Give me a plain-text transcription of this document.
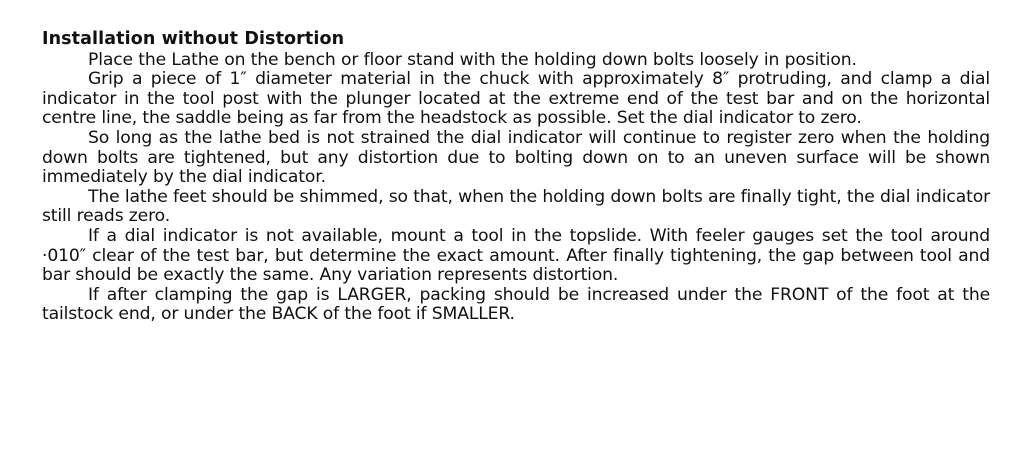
Installation without Distortion

Place the Lathe on the bench or floor stand with the holding down bolts loosely in position.

Grip a piece of 1″ diameter material in the chuck with approximately 8″ protruding, and clamp a dial indicator in the tool post with the plunger located at the extreme end of the test bar and on the horizontal centre line, the saddle being as far from the headstock as possible. Set the dial indicator to zero.

So long as the lathe bed is not strained the dial indicator will continue to register zero when the holding down bolts are tightened, but any distortion due to bolting down on to an uneven surface will be shown immediately by the dial indicator.

The lathe feet should be shimmed, so that, when the holding down bolts are finally tight, the dial indicator still reads zero.

If a dial indicator is not available, mount a tool in the topslide. With feeler gauges set the tool around ·010″ clear of the test bar, but determine the exact amount. After finally tightening, the gap between tool and bar should be exactly the same. Any variation represents distortion.

If after clamping the gap is LARGER, packing should be increased under the FRONT of the foot at the tailstock end, or under the BACK of the foot if SMALLER.
